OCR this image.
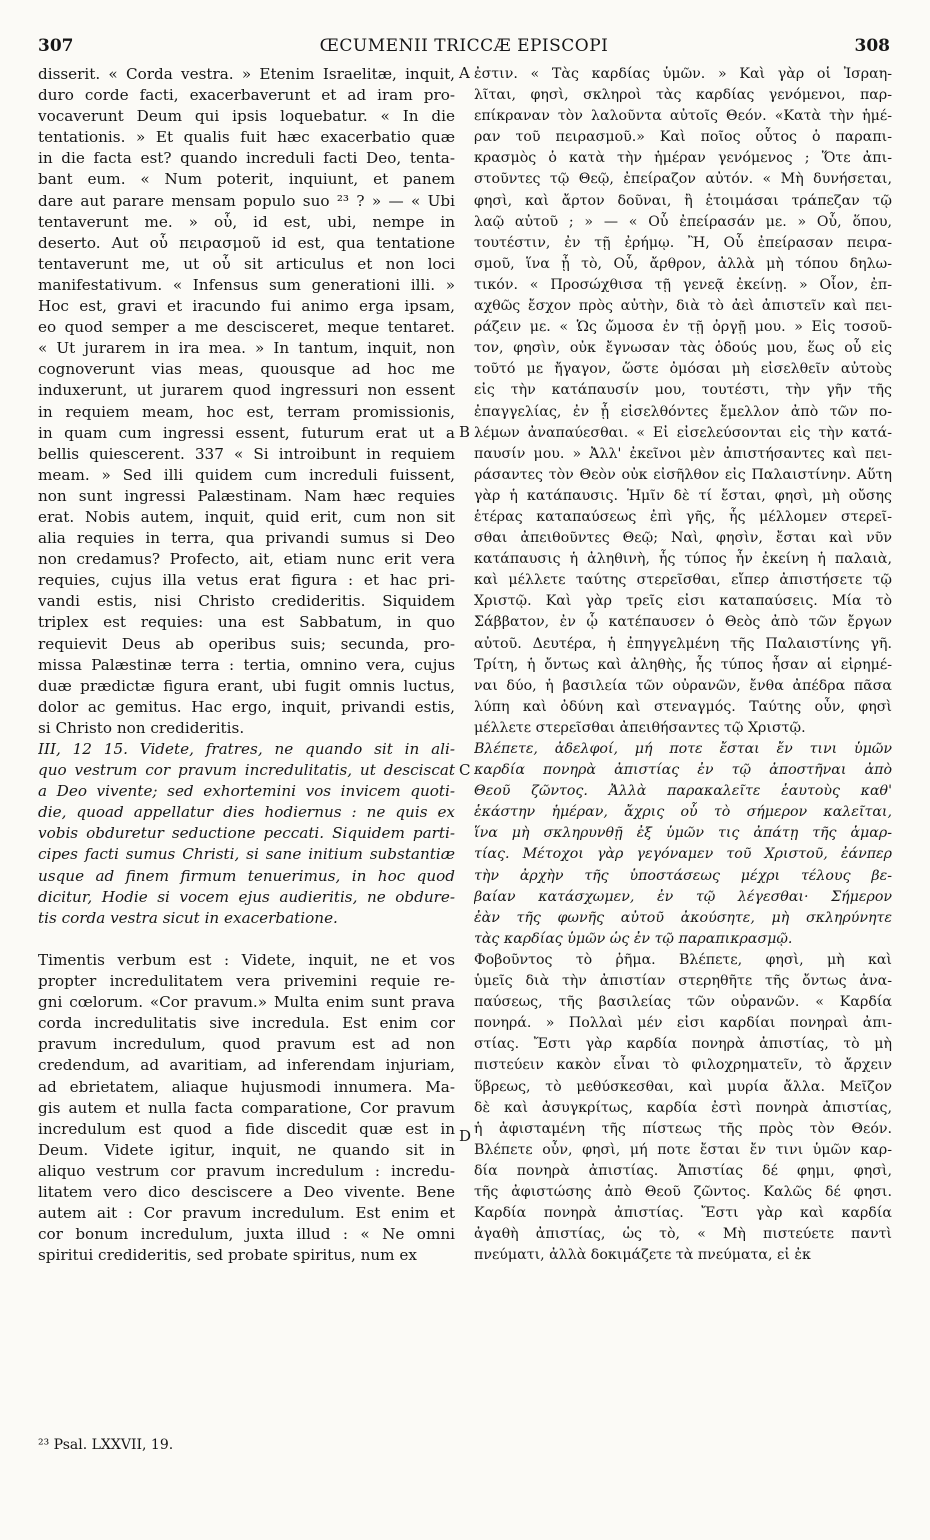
307	ŒCUMENII TRICCÆ EPISCOPI	308
disserit. « Corda vestra. » Etenim Israelitæ, inquit,
duro corde facti, exacerbaverunt et ad iram pro-
vocaverunt Deum qui ipsis loquebatur. « In die
tentationis. » Et qualis fuit hæc exacerbatio quæ
in die facta est? quando increduli facti Deo, tenta-
bant eum. « Num poterit, inquiunt, et panem
dare aut parare mensam populo suo ²³ ? » — « Ubi
tentaverunt me. » οὗ, id est, ubi, nempe in
deserto. Aut οὗ πειρασμοῦ id est, qua tentatione
tentaverunt me, ut οὗ sit articulus et non loci
manifestativum. « Infensus sum generationi illi. »
Hoc est, gravi et iracundo fui animo erga ipsam,
eo quod semper a me descisceret, meque tentaret.
« Ut jurarem in ira mea. » In tantum, inquit, non
cognoverunt vias meas, quousque ad hoc me
induxerunt, ut jurarem quod ingressuri non essent
in requiem meam, hoc est, terram promissionis,
in quam cum ingressi essent, futurum erat ut a
bellis quiescerent. 337 « Si introibunt in requiem
meam. » Sed illi quidem cum increduli fuissent,
non sunt ingressi Palæstinam. Nam hæc requies
erat. Nobis autem, inquit, quid erit, cum non sit
alia requies in terra, qua privandi sumus si Deo
non credamus? Profecto, ait, etiam nunc erit vera
requies, cujus illa vetus erat figura : et hac pri-
vandi estis, nisi Christo credideritis. Siquidem
triplex est requies: una est Sabbatum, in quo
requievit Deus ab operibus suis; secunda, pro-
missa Palæstinæ terra : tertia, omnino vera, cujus
duæ prædictæ figura erant, ubi fugit omnis luctus,
dolor ac gemitus. Hac ergo, inquit, privandi estis,
si Christo non credideritis.
III, 12 15. Videte, fratres, ne quando sit in ali-
quo vestrum cor pravum incredulitatis, ut desciscat
a Deo vivente; sed exhortemini vos invicem quoti-
die, quoad appellatur dies hodiernus : ne quis ex
vobis obduretur seductione peccati. Siquidem parti-
cipes facti sumus Christi, si sane initium substantiæ
usque ad finem firmum tenuerimus, in hoc quod
dicitur, Hodie si vocem ejus audieritis, ne obdure-
tis corda vestra sicut in exacerbatione.
Timentis verbum est : Videte, inquit, ne et vos
propter incredulitatem vera privemini requie re-
gni cœlorum. «Cor pravum.» Multa enim sunt prava
corda incredulitatis sive incredula. Est enim cor
pravum incredulum, quod pravum est ad non
credendum, ad avaritiam, ad inferendam injuriam,
ad ebrietatem, aliaque hujusmodi innumera. Ma-
gis autem et nulla facta comparatione, Cor pravum
incredulum est quod a fide discedit quæ est in
Deum. Videte igitur, inquit, ne quando sit in
aliquo vestrum cor pravum incredulum : incredu-
litatem vero dico desciscere a Deo vivente. Bene
autem ait : Cor pravum incredulum. Est enim et
cor bonum incredulum, juxta illud : « Ne omni
spiritui credideritis, sed probate spiritus, num ex
ἐστιν. « Τὰς καρδίας ὑμῶν. » Καὶ γὰρ οἱ Ἰσραη-
λῖται, φησὶ, σκληροὶ τὰς καρδίας γενόμενοι, παρ-
επίκραναν τὸν λαλοῦντα αὐτοῖς Θεόν. «Κατὰ τὴν ἡμέ-
ραν τοῦ πειρασμοῦ.» Καὶ ποῖος οὗτος ὁ παραπι-
κρασμὸς ὁ κατὰ τὴν ἡμέραν γενόμενος ; Ὅτε ἀπι-
στοῦντες τῷ Θεῷ, ἐπείραζον αὐτόν. « Μὴ δυνήσεται,
φησὶ, καὶ ἄρτον δοῦναι, ἢ ἑτοιμάσαι τράπεζαν τῷ
λαῷ αὐτοῦ ; » — « Οὗ ἐπείρασάν με. » Οὗ, ὅπου,
τουτέστιν, ἐν τῇ ἐρήμῳ. Ἢ, Οὗ ἐπείρασαν πειρα-
σμοῦ, ἵνα ᾖ τὸ, Οὗ, ἄρθρον, ἀλλὰ μὴ τόπου δηλω-
τικόν. « Προσώχθισα τῇ γενεᾷ ἐκείνῃ. » Οἷον, ἐπ-
αχθῶς ἔσχον πρὸς αὐτὴν, διὰ τὸ ἀεὶ ἀπιστεῖν καὶ πει-
ράζειν με. « Ὡς ὤμοσα ἐν τῇ ὀργῇ μου. » Εἰς τοσοῦ-
τον, φησὶν, οὐκ ἔγνωσαν τὰς ὁδούς μου, ἕως οὗ εἰς
τοῦτό με ἤγαγον, ὥστε ὀμόσαι μὴ εἰσελθεῖν αὐτοὺς
εἰς τὴν κατάπαυσίν μου, τουτέστι, τὴν γῆν τῆς
ἐπαγγελίας, ἐν ᾗ εἰσελθόντες ἔμελλον ἀπὸ τῶν πο-
λέμων ἀναπαύεσθαι. « Εἰ εἰσελεύσονται εἰς τὴν κατά-
παυσίν μου. » Ἀλλ' ἐκεῖνοι μὲν ἀπιστήσαντες καὶ πει-
ράσαντες τὸν Θεὸν οὐκ εἰσῆλθον εἰς Παλαιστίνην. Αὕτη
γὰρ ἡ κατάπαυσις. Ἡμῖν δὲ τί ἔσται, φησὶ, μὴ οὔσης
ἑτέρας καταπαύσεως ἐπὶ γῆς, ἧς μέλλομεν στερεῖ-
σθαι ἀπειθοῦντες Θεῷ; Ναὶ, φησὶν, ἔσται καὶ νῦν
κατάπαυσις ἡ ἀληθινὴ, ἧς τύπος ἦν ἐκείνη ἡ παλαιὰ,
καὶ μέλλετε ταύτης στερεῖσθαι, εἴπερ ἀπιστήσετε τῷ
Χριστῷ. Καὶ γὰρ τρεῖς εἰσι καταπαύσεις. Μία τὸ
Σάββατον, ἐν ᾧ κατέπαυσεν ὁ Θεὸς ἀπὸ τῶν ἔργων
αὐτοῦ. Δευτέρα, ἡ ἐπηγγελμένη τῆς Παλαιστίνης γῆ.
Τρίτη, ἡ ὄντως καὶ ἀληθὴς, ἧς τύπος ἦσαν αἱ εἰρημέ-
ναι δύο, ἡ βασιλεία τῶν οὐρανῶν, ἔνθα ἀπέδρα πᾶσα
λύπη καὶ ὀδύνη καὶ στεναγμός. Ταύτης οὖν, φησὶ
μέλλετε στερεῖσθαι ἀπειθήσαντες τῷ Χριστῷ.
Βλέπετε, ἀδελφοί, μή ποτε ἔσται ἔν τινι ὑμῶν
καρδία πονηρὰ ἀπιστίας ἐν τῷ ἀποστῆναι ἀπὸ
Θεοῦ ζῶντος. Ἀλλὰ παρακαλεῖτε ἑαυτοὺς καθ'
ἑκάστην ἡμέραν, ἄχρις οὗ τὸ σήμερον καλεῖται,
ἵνα μὴ σκληρυνθῇ ἐξ ὑμῶν τις ἀπάτῃ τῆς ἁμαρ-
τίας. Μέτοχοι γὰρ γεγόναμεν τοῦ Χριστοῦ, ἐάνπερ
τὴν ἀρχὴν τῆς ὑποστάσεως μέχρι τέλους βε-
βαίαν κατάσχωμεν, ἐν τῷ λέγεσθαι· Σήμερον
ἐὰν τῆς φωνῆς αὐτοῦ ἀκούσητε, μὴ σκληρύνητε
τὰς καρδίας ὑμῶν ὡς ἐν τῷ παραπικρασμῷ.
Φοβοῦντος τὸ ῥῆμα. Βλέπετε, φησὶ, μὴ καὶ
ὑμεῖς διὰ τὴν ἀπιστίαν στερηθῆτε τῆς ὄντως ἀνα-
παύσεως, τῆς βασιλείας τῶν οὐρανῶν. « Καρδία
πονηρά. » Πολλαὶ μέν εἰσι καρδίαι πονηραὶ ἀπι-
στίας. Ἔστι γὰρ καρδία πονηρὰ ἀπιστίας, τὸ μὴ
πιστεύειν κακὸν εἶναι τὸ φιλοχρηματεῖν, τὸ ἄρχειν
ὕβρεως, τὸ μεθύσκεσθαι, καὶ μυρία ἄλλα. Μεῖζον
δὲ καὶ ἀσυγκρίτως, καρδία ἐστὶ πονηρὰ ἀπιστίας,
ἡ ἀφισταμένη τῆς πίστεως τῆς πρὸς τὸν Θεόν.
Βλέπετε οὖν, φησὶ, μή ποτε ἔσται ἔν τινι ὑμῶν καρ-
δία πονηρὰ ἀπιστίας. Ἀπιστίας δέ φημι, φησὶ,
τῆς ἀφιστώσης ἀπὸ Θεοῦ ζῶντος. Καλῶς δέ φησι.
Καρδία πονηρὰ ἀπιστίας. Ἔστι γὰρ καὶ καρδία
ἀγαθὴ ἀπιστίας, ὡς τὸ, « Μὴ πιστεύετε παντὶ
πνεύματι, ἀλλὰ δοκιμάζετε τὰ πνεύματα, εἰ ἐκ
A
B
C
D
²³ Psal. LXXVII, 19.
